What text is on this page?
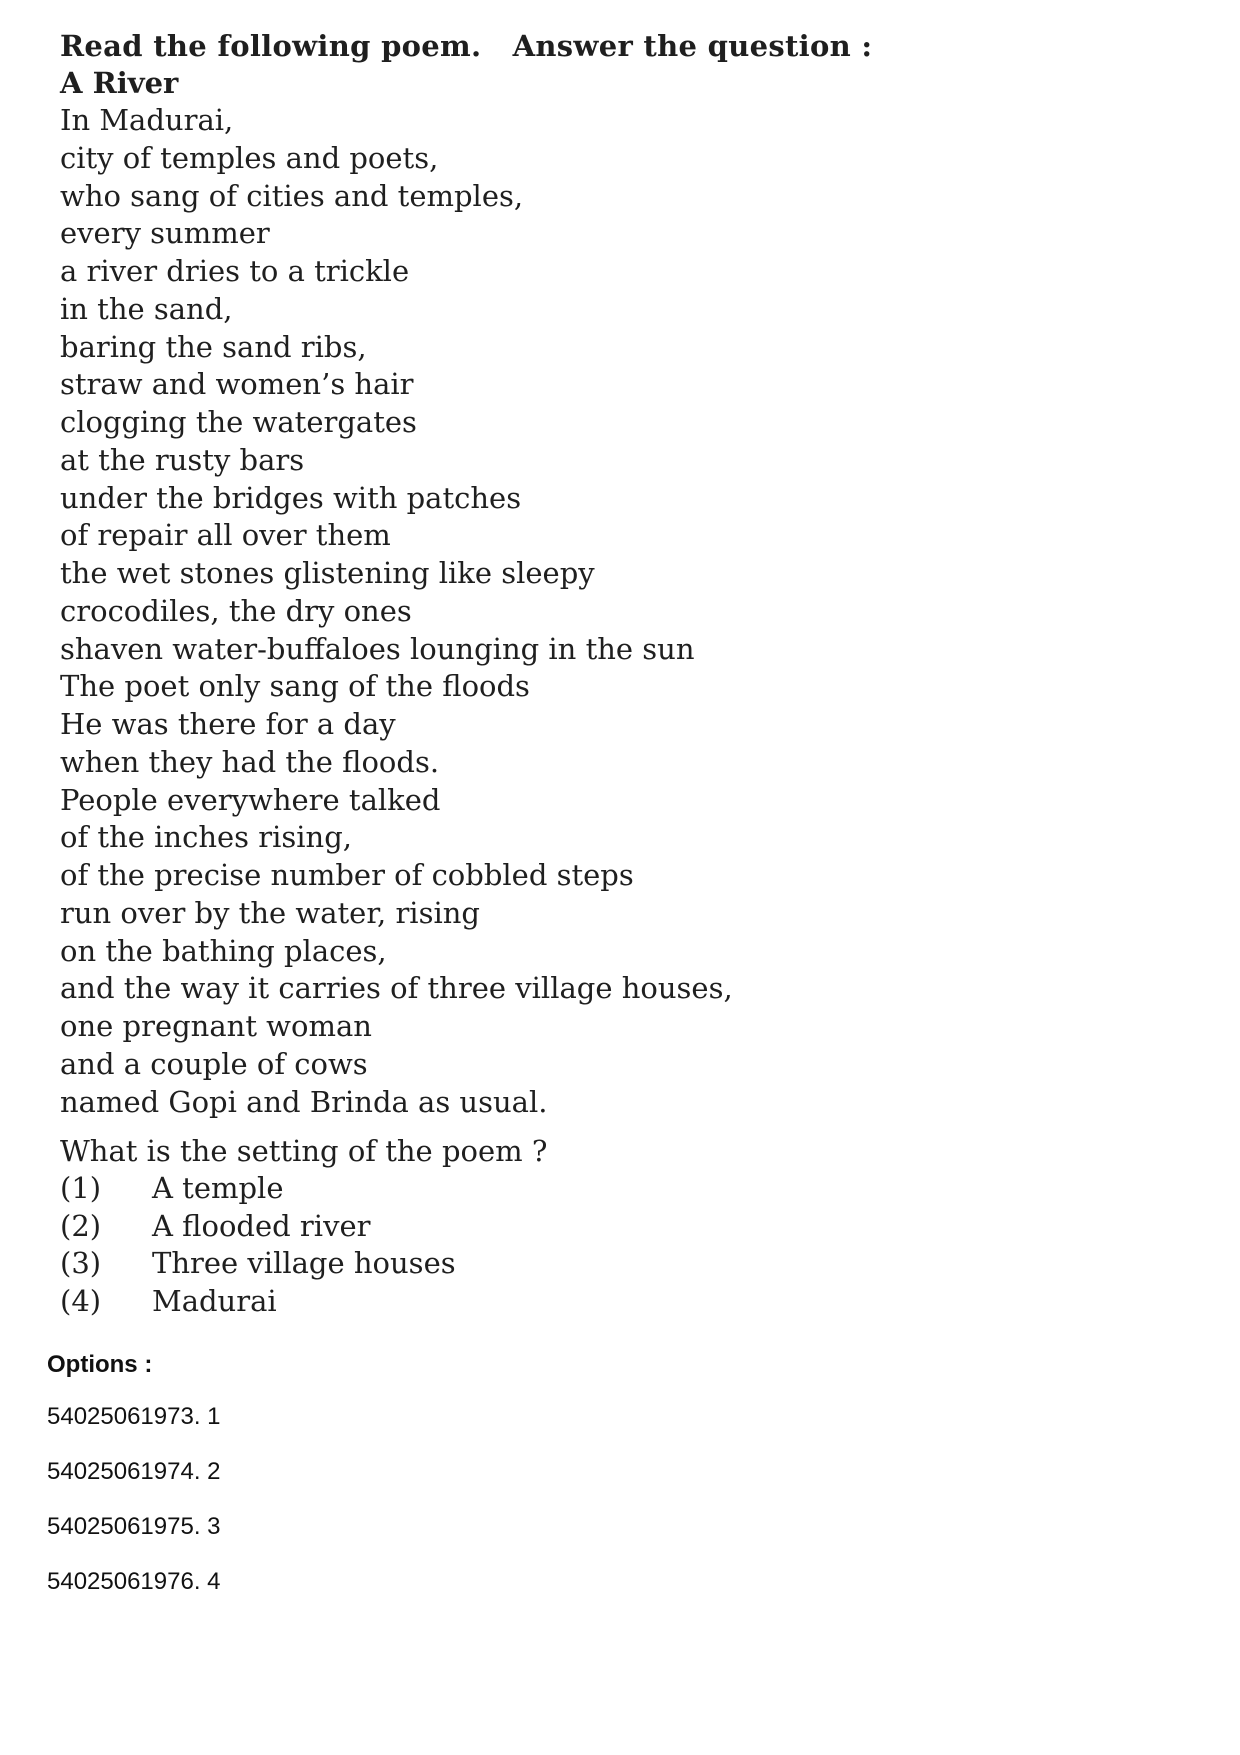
Read the following poem.   Answer the question :
A River
In Madurai,
city of temples and poets,
who sang of cities and temples,
every summer
a river dries to a trickle
in the sand,
baring the sand ribs,
straw and women’s hair
clogging the watergates
at the rusty bars
under the bridges with patches
of repair all over them
the wet stones glistening like sleepy
crocodiles, the dry ones
shaven water-buffaloes lounging in the sun
The poet only sang of the floods
He was there for a day
when they had the floods.
People everywhere talked
of the inches rising,
of the precise number of cobbled steps
run over by the water, rising
on the bathing places,
and the way it carries of three village houses,
one pregnant woman
and a couple of cows
named Gopi and Brinda as usual.
What is the setting of the poem ?
(1) A temple
(2) A flooded river
(3) Three village houses
(4) Madurai
Options :
54025061973. 1
54025061974. 2
54025061975. 3
54025061976. 4
